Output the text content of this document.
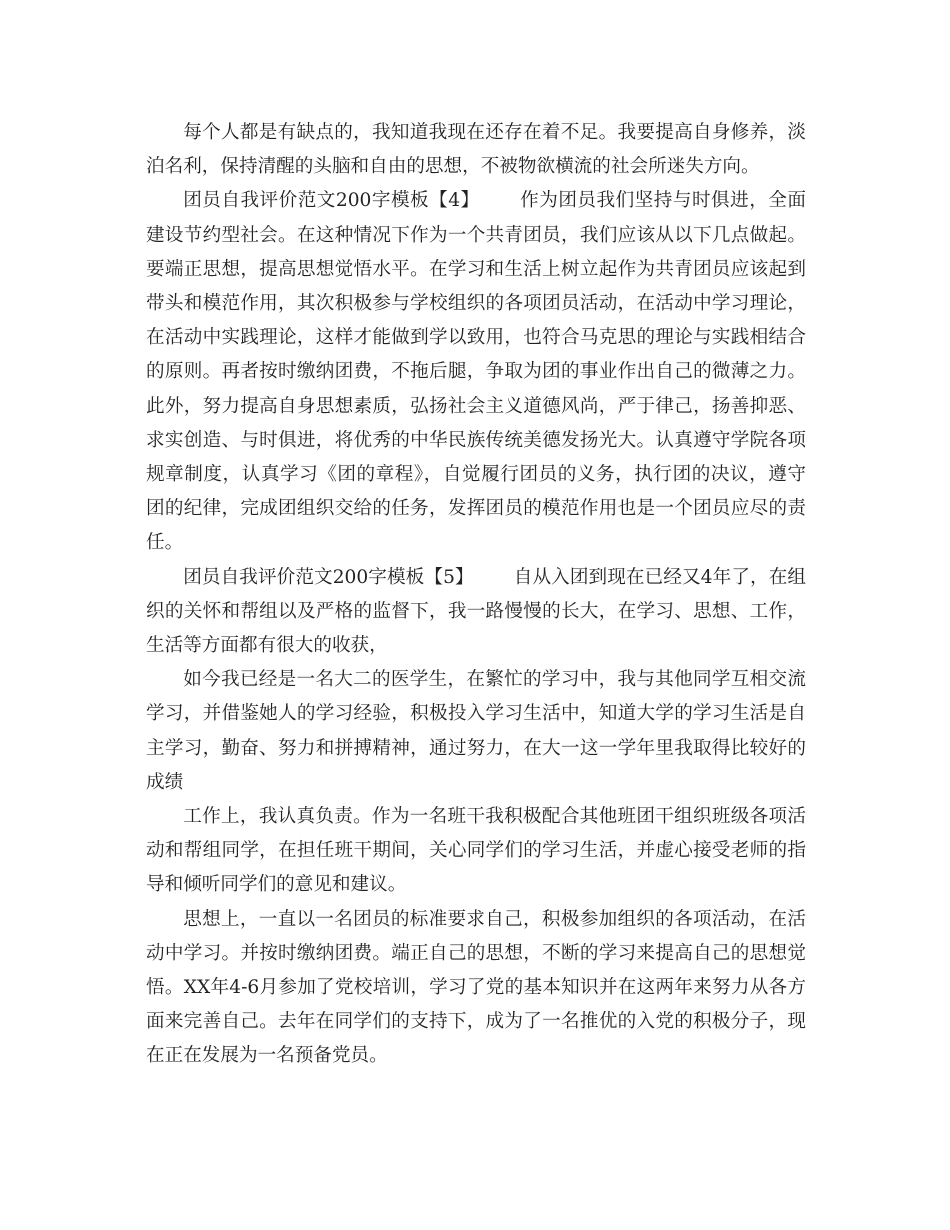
每个人都是有缺点的，我知道我现在还存在着不足。我要提高自身修养，淡泊名利，保持清醒的头脑和自由的思想，不被物欲横流的社会所迷失方向。

团员自我评价范文200字模板【4】 作为团员我们坚持与时俱进，全面建设节约型社会。在这种情况下作为一个共青团员，我们应该从以下几点做起。要端正思想，提高思想觉悟水平。在学习和生活上树立起作为共青团员应该起到带头和模范作用，其次积极参与学校组织的各项团员活动，在活动中学习理论，在活动中实践理论，这样才能做到学以致用，也符合马克思的理论与实践相结合的原则。再者按时缴纳团费，不拖后腿，争取为团的事业作出自己的微薄之力。此外，努力提高自身思想素质，弘扬社会主义道德风尚，严于律己，扬善抑恶、求实创造、与时俱进，将优秀的中华民族传统美德发扬光大。认真遵守学院各项规章制度，认真学习《团的章程》，自觉履行团员的义务，执行团的决议，遵守团的纪律，完成团组织交给的任务，发挥团员的模范作用也是一个团员应尽的责任。

团员自我评价范文200字模板【5】 自从入团到现在已经又4年了，在组织的关怀和帮组以及严格的监督下，我一路慢慢的长大，在学习、思想、工作，生活等方面都有很大的收获，

如今我已经是一名大二的医学生，在繁忙的学习中，我与其他同学互相交流学习，并借鉴她人的学习经验，积极投入学习生活中，知道大学的学习生活是自主学习，勤奋、努力和拼搏精神，通过努力，在大一这一学年里我取得比较好的成绩

工作上，我认真负责。作为一名班干我积极配合其他班团干组织班级各项活动和帮组同学，在担任班干期间，关心同学们的学习生活，并虚心接受老师的指导和倾听同学们的意见和建议。

思想上，一直以一名团员的标准要求自己，积极参加组织的各项活动，在活动中学习。并按时缴纳团费。端正自己的思想，不断的学习来提高自己的思想觉悟。XX年4-6月参加了党校培训，学习了党的基本知识并在这两年来努力从各方面来完善自己。去年在同学们的支持下，成为了一名推优的入党的积极分子，现在正在发展为一名预备党员。
